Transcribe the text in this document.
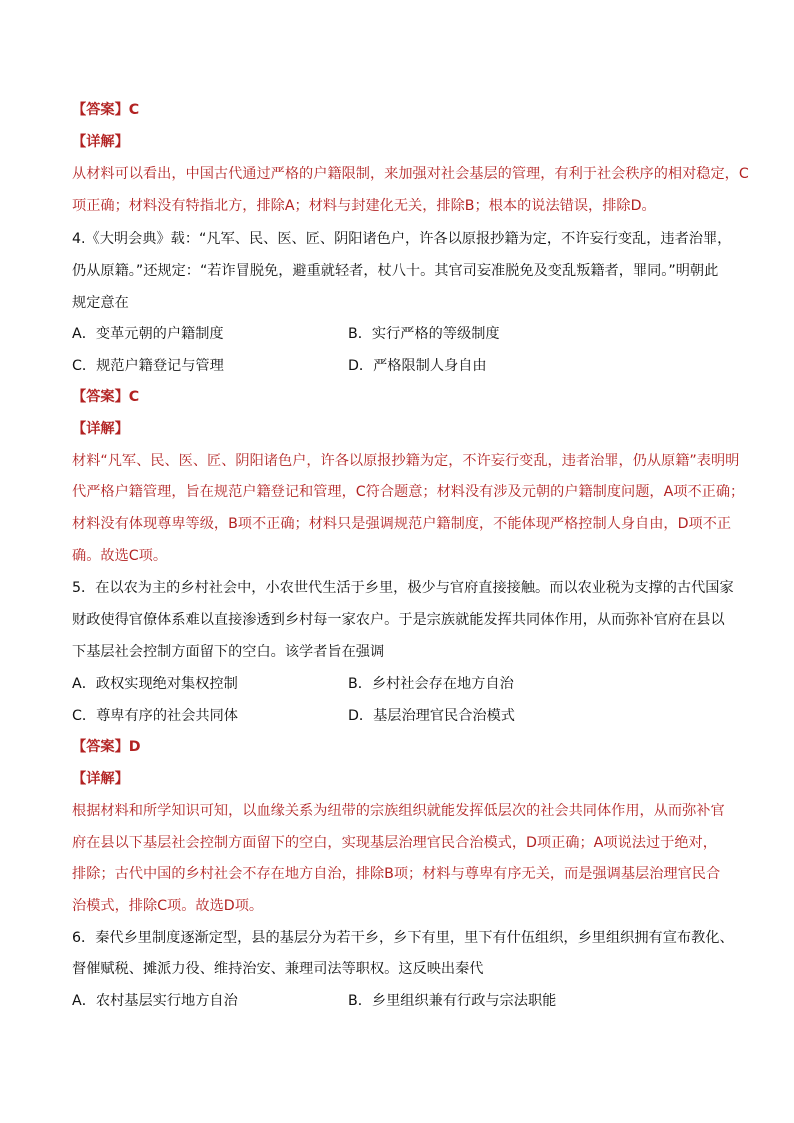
【答案】C
【详解】
从材料可以看出，中国古代通过严格的户籍限制，来加强对社会基层的管理，有利于社会秩序的相对稳定，C
项正确；材料没有特指北方，排除A；材料与封建化无关，排除B；根本的说法错误，排除D。
4.《大明会典》载：“凡军、民、医、匠、阴阳诸色户，许各以原报抄籍为定，不许妄行变乱，违者治罪，
仍从原籍。”还规定：“若诈冒脱免，避重就轻者，杖八十。其官司妄准脱免及变乱叛籍者，罪同。”明朝此
规定意在
A．变革元朝的户籍制度	B．实行严格的等级制度
C．规范户籍登记与管理	D．严格限制人身自由
【答案】C
【详解】
材料“凡军、民、医、匠、阴阳诸色户，许各以原报抄籍为定，不许妄行变乱，违者治罪，仍从原籍”表明明
代严格户籍管理，旨在规范户籍登记和管理，C符合题意；材料没有涉及元朝的户籍制度问题，A项不正确；
材料没有体现尊卑等级，B项不正确；材料只是强调规范户籍制度，不能体现严格控制人身自由，D项不正
确。故选C项。
5．在以农为主的乡村社会中，小农世代生活于乡里，极少与官府直接接触。而以农业税为支撑的古代国家
财政使得官僚体系难以直接渗透到乡村每一家农户。于是宗族就能发挥共同体作用，从而弥补官府在县以
下基层社会控制方面留下的空白。该学者旨在强调
A．政权实现绝对集权控制	B．乡村社会存在地方自治
C．尊卑有序的社会共同体	D．基层治理官民合治模式
【答案】D
【详解】
根据材料和所学知识可知，以血缘关系为纽带的宗族组织就能发挥低层次的社会共同体作用，从而弥补官
府在县以下基层社会控制方面留下的空白，实现基层治理官民合治模式，D项正确；A项说法过于绝对，
排除；古代中国的乡村社会不存在地方自治，排除B项；材料与尊卑有序无关，而是强调基层治理官民合
治模式，排除C项。故选D项。
6．秦代乡里制度逐渐定型，县的基层分为若干乡，乡下有里，里下有什伍组织，乡里组织拥有宣布教化、
督催赋税、摊派力役、维持治安、兼理司法等职权。这反映出秦代
A．农村基层实行地方自治	B．乡里组织兼有行政与宗法职能
